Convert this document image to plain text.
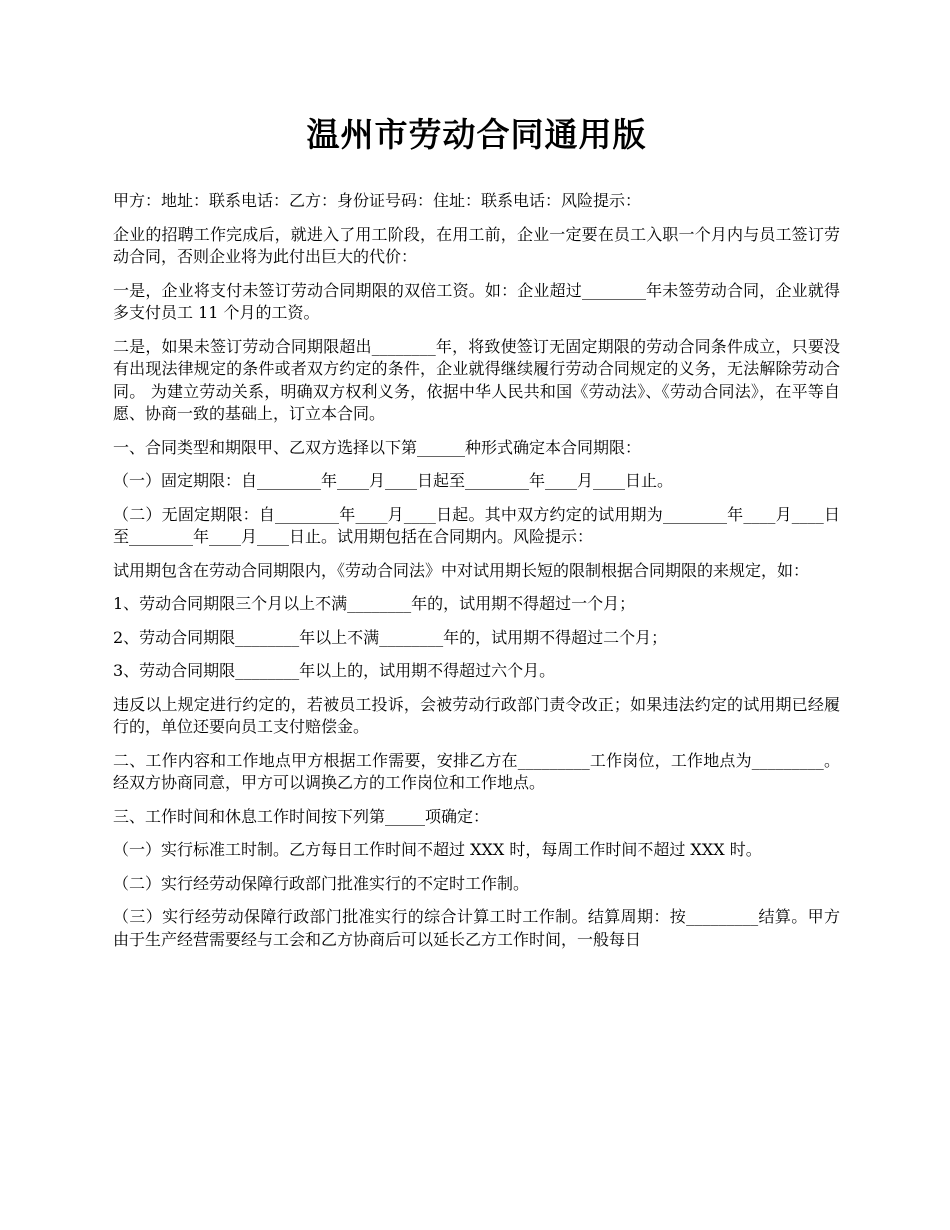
温州市劳动合同通用版

甲方：地址：联系电话：乙方：身份证号码：住址：联系电话：风险提示：

企业的招聘工作完成后，就进入了用工阶段，在用工前，企业一定要在员工入职一个月内与员工签订劳动合同，否则企业将为此付出巨大的代价：

一是，企业将支付未签订劳动合同期限的双倍工资。如：企业超过________年未签劳动合同，企业就得多支付员工 11 个月的工资。

二是，如果未签订劳动合同期限超出________年，将致使签订无固定期限的劳动合同条件成立，只要没有出现法律规定的条件或者双方约定的条件，企业就得继续履行劳动合同规定的义务，无法解除劳动合同。 为建立劳动关系，明确双方权利义务，依据中华人民共和国《劳动法》、《劳动合同法》，在平等自愿、协商一致的基础上，订立本合同。

一、合同类型和期限甲、乙双方选择以下第______种形式确定本合同期限：

（一）固定期限：自________年____月____日起至________年____月____日止。

（二）无固定期限：自________年____月____日起。其中双方约定的试用期为________年____月____日至________年____月____日止。试用期包括在合同期内。风险提示：

试用期包含在劳动合同期限内，《劳动合同法》中对试用期长短的限制根据合同期限的来规定，如：

1、劳动合同期限三个月以上不满________年的，试用期不得超过一个月；

2、劳动合同期限________年以上不满________年的，试用期不得超过二个月；

3、劳动合同期限________年以上的，试用期不得超过六个月。

违反以上规定进行约定的，若被员工投诉，会被劳动行政部门责令改正；如果违法约定的试用期已经履行的，单位还要向员工支付赔偿金。

二、工作内容和工作地点甲方根据工作需要，安排乙方在_________工作岗位，工作地点为_________。经双方协商同意，甲方可以调换乙方的工作岗位和工作地点。

三、工作时间和休息工作时间按下列第_____项确定：

（一）实行标准工时制。乙方每日工作时间不超过 XXX 时，每周工作时间不超过 XXX 时。

（二）实行经劳动保障行政部门批准实行的不定时工作制。

（三）实行经劳动保障行政部门批准实行的综合计算工时工作制。结算周期：按_________结算。甲方由于生产经营需要经与工会和乙方协商后可以延长乙方工作时间，一般每日
